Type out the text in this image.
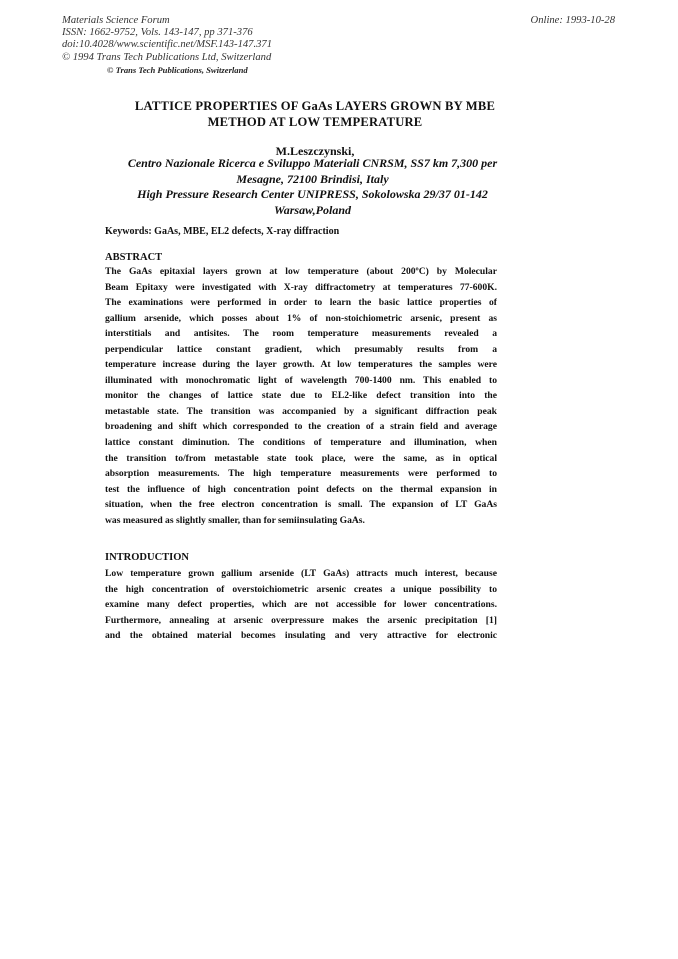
Materials Science Forum
ISSN: 1662-9752, Vols. 143-147, pp 371-376
doi:10.4028/www.scientific.net/MSF.143-147.371
© 1994 Trans Tech Publications Ltd, Switzerland
Online: 1993-10-28
© Trans Tech Publications, Switzerland
LATTICE PROPERTIES OF GaAs LAYERS GROWN BY MBE
METHOD AT LOW TEMPERATURE
M.Leszczynski,
Centro Nazionale Ricerca e Sviluppo Materiali CNRSM, SS7 km 7,300 per
Mesagne, 72100 Brindisi, Italy
High Pressure Research Center UNIPRESS, Sokolowska 29/37 01-142
Warsaw,Poland
Keywords: GaAs, MBE, EL2 defects, X-ray diffraction
ABSTRACT
The GaAs epitaxial layers grown at low temperature (about 200ºC) by Molecular
Beam Epitaxy were investigated with X-ray diffractometry at temperatures 77-600K.
The examinations were performed in order to learn the basic lattice properties of
gallium arsenide, which posses about 1% of non-stoichiometric arsenic, present as
interstitials and antisites. The room temperature measurements revealed a
perpendicular lattice constant gradient, which presumably results from a
temperature increase during the layer growth. At low temperatures the samples were
illuminated with monochromatic light of wavelength 700-1400 nm. This enabled to
monitor the changes of lattice state due to EL2-like defect transition into the
metastable state. The transition was accompanied by a significant diffraction peak
broadening and shift which corresponded to the creation of a strain field and average
lattice constant diminution. The conditions of temperature and illumination, when
the transition to/from metastable state took place, were the same, as in optical
absorption measurements. The high temperature measurements were performed to
test the influence of high concentration point defects on the thermal expansion in
situation, when the free electron concentration is small. The expansion of LT GaAs
was measured as slightly smaller, than for semiinsulating GaAs.
INTRODUCTION
Low temperature grown gallium arsenide (LT GaAs) attracts much interest, because
the high concentration of overstoichiometric arsenic creates a unique possibility to
examine many defect properties, which are not accessible for lower concentrations.
Furthermore, annealing at arsenic overpressure makes the arsenic precipitation [1]
and the obtained material becomes insulating and very attractive for electronic
